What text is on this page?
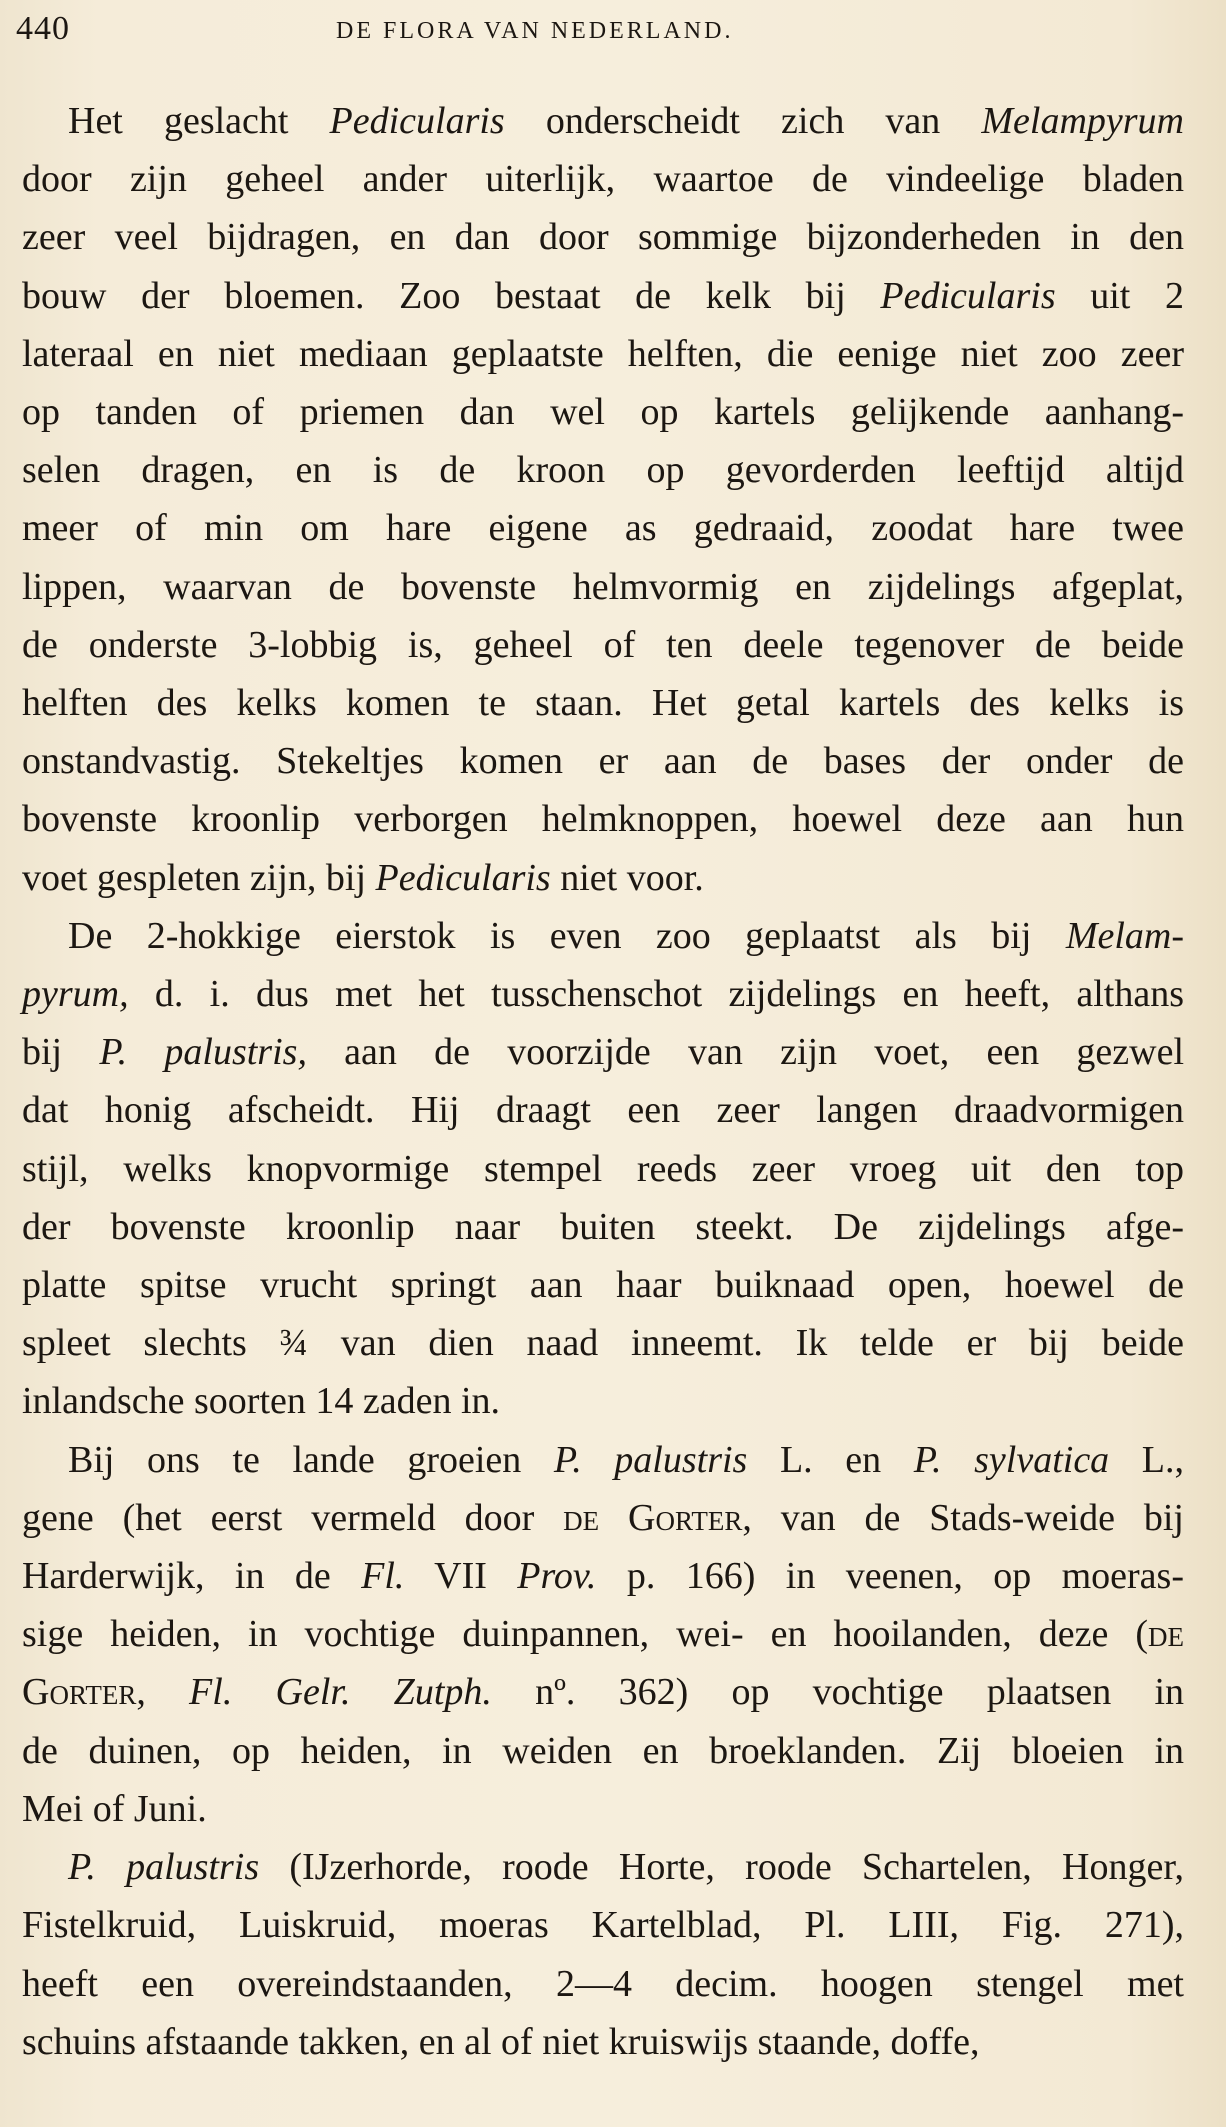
440	DE FLORA VAN NEDERLAND.
Het geslacht Pedicularis onderscheidt zich van Melampyrum
door zijn geheel ander uiterlijk, waartoe de vindeelige bladen
zeer veel bijdragen, en dan door sommige bijzonderheden in den
bouw der bloemen. Zoo bestaat de kelk bij Pedicularis uit 2
lateraal en niet mediaan geplaatste helften, die eenige niet zoo zeer
op tanden of priemen dan wel op kartels gelijkende aanhang-
selen dragen, en is de kroon op gevorderden leeftijd altijd
meer of min om hare eigene as gedraaid, zoodat hare twee
lippen, waarvan de bovenste helmvormig en zijdelings afgeplat,
de onderste 3-lobbig is, geheel of ten deele tegenover de beide
helften des kelks komen te staan. Het getal kartels des kelks is
onstandvastig. Stekeltjes komen er aan de bases der onder de
bovenste kroonlip verborgen helmknoppen, hoewel deze aan hun
voet gespleten zijn, bij Pedicularis niet voor.
De 2-hokkige eierstok is even zoo geplaatst als bij Melam-
pyrum, d. i. dus met het tusschenschot zijdelings en heeft, althans
bij P. palustris, aan de voorzijde van zijn voet, een gezwel
dat honig afscheidt. Hij draagt een zeer langen draadvormigen
stijl, welks knopvormige stempel reeds zeer vroeg uit den top
der bovenste kroonlip naar buiten steekt. De zijdelings afge-
platte spitse vrucht springt aan haar buiknaad open, hoewel de
spleet slechts ¾ van dien naad inneemt. Ik telde er bij beide
inlandsche soorten 14 zaden in.
Bij ons te lande groeien P. palustris L. en P. sylvatica L.,
gene (het eerst vermeld door de Gorter, van de Stads-weide bij
Harderwijk, in de Fl. VII Prov. p. 166) in veenen, op moeras-
sige heiden, in vochtige duinpannen, wei- en hooilanden, deze (de
Gorter, Fl. Gelr. Zutph. nº. 362) op vochtige plaatsen in
de duinen, op heiden, in weiden en broeklanden. Zij bloeien in
Mei of Juni.
P. palustris (IJzerhorde, roode Horte, roode Schartelen, Honger,
Fistelkruid, Luiskruid, moeras Kartelblad, Pl. LIII, Fig. 271),
heeft een overeindstaanden, 2—4 decim. hoogen stengel met
schuins afstaande takken, en al of niet kruiswijs staande, doffe,
